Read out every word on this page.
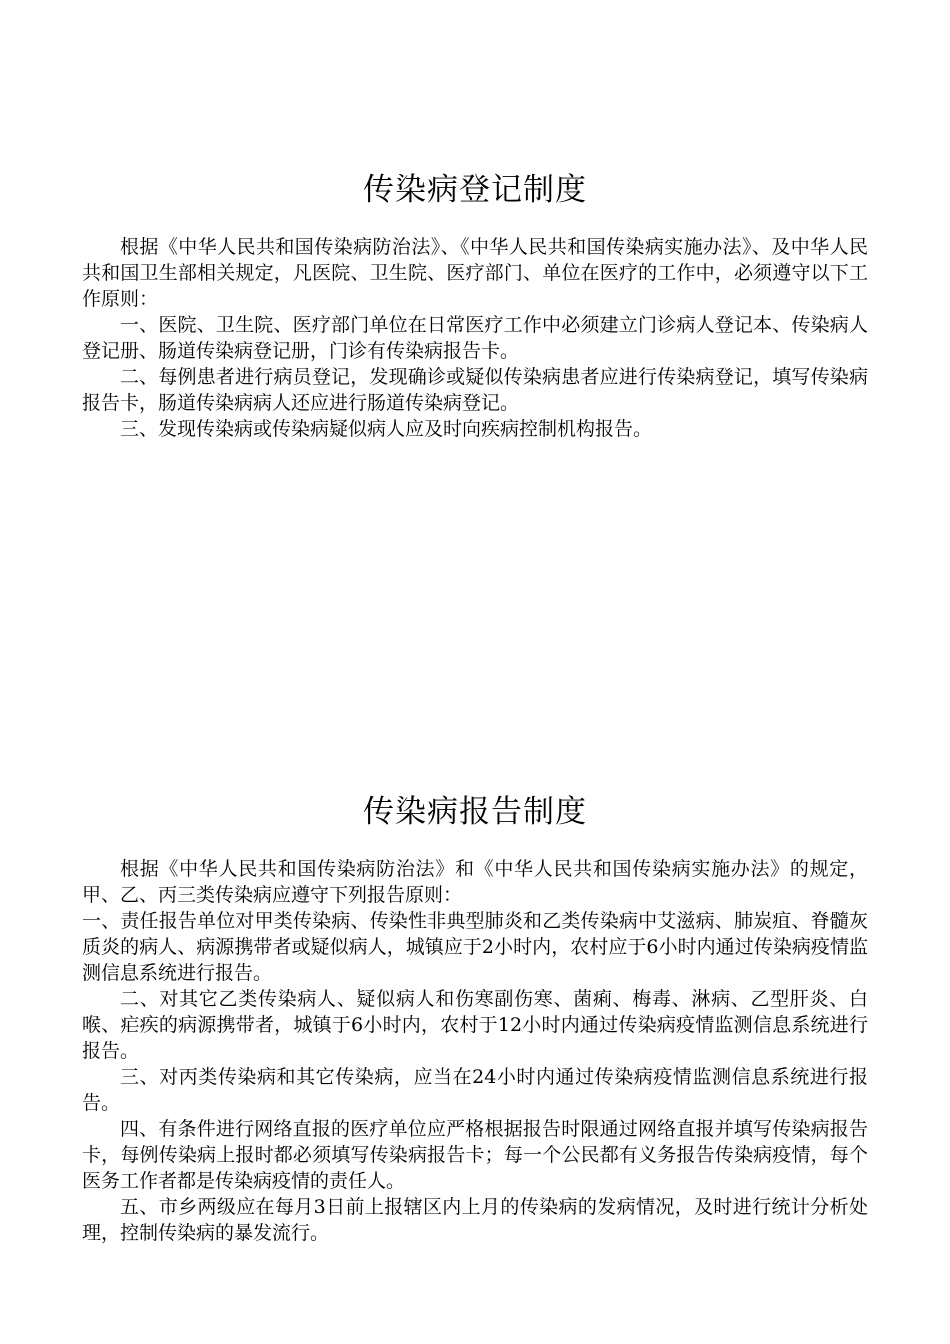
传染病登记制度

根据《中华人民共和国传染病防治法》、《中华人民共和国传染病实施办法》、及中华人民共和国卫生部相关规定，凡医院、卫生院、医疗部门、单位在医疗的工作中，必须遵守以下工作原则：

一、医院、卫生院、医疗部门单位在日常医疗工作中必须建立门诊病人登记本、传染病人登记册、肠道传染病登记册，门诊有传染病报告卡。

二、每例患者进行病员登记，发现确诊或疑似传染病患者应进行传染病登记，填写传染病报告卡，肠道传染病病人还应进行肠道传染病登记。

三、发现传染病或传染病疑似病人应及时向疾病控制机构报告。

传染病报告制度

根据《中华人民共和国传染病防治法》和《中华人民共和国传染病实施办法》的规定，甲、乙、丙三类传染病应遵守下列报告原则：

一、责任报告单位对甲类传染病、传染性非典型肺炎和乙类传染病中艾滋病、肺炭疽、脊髓灰质炎的病人、病源携带者或疑似病人，城镇应于2小时内，农村应于6小时内通过传染病疫情监测信息系统进行报告。

二、对其它乙类传染病人、疑似病人和伤寒副伤寒、菌痢、梅毒、淋病、乙型肝炎、白喉、疟疾的病源携带者，城镇于6小时内，农村于12小时内通过传染病疫情监测信息系统进行报告。

三、对丙类传染病和其它传染病，应当在24小时内通过传染病疫情监测信息系统进行报告。

四、有条件进行网络直报的医疗单位应严格根据报告时限通过网络直报并填写传染病报告卡，每例传染病上报时都必须填写传染病报告卡；每一个公民都有义务报告传染病疫情，每个医务工作者都是传染病疫情的责任人。

五、市乡两级应在每月3日前上报辖区内上月的传染病的发病情况，及时进行统计分析处理，控制传染病的暴发流行。
